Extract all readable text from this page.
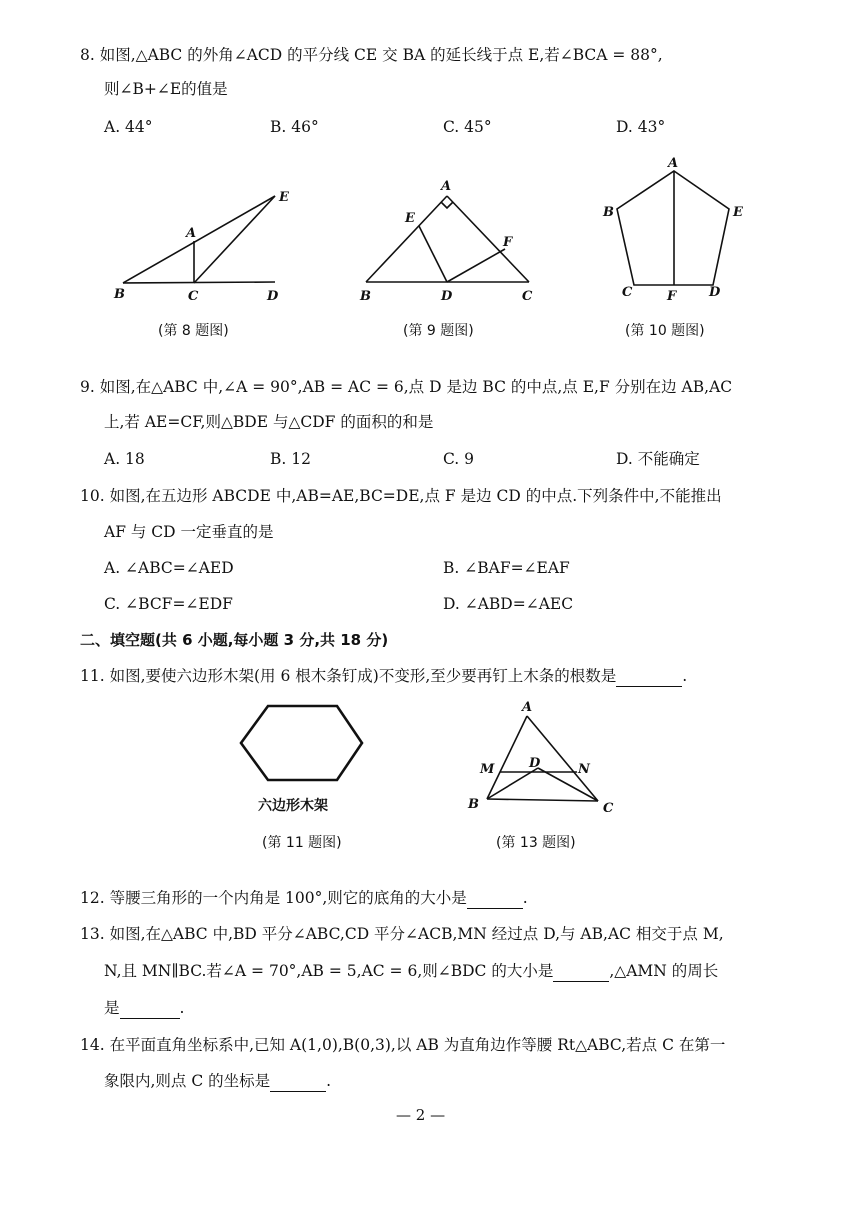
8. 如图,△ABC 的外角∠ACD 的平分线 CE 交 BA 的延长线于点 E,若∠BCA = 88°,
则∠B+∠E的值是
A. 44°	B. 46°	C. 45°	D. 43°
E
A
B	C	D
A
E
F
B	D	C
A
B	E
C	F	D
(第 8 题图)	(第 9 题图)	(第 10 题图)
9. 如图,在△ABC 中,∠A = 90°,AB = AC = 6,点 D 是边 BC 的中点,点 E,F 分别在边 AB,AC
上,若 AE=CF,则△BDE 与△CDF 的面积的和是
A. 18	B. 12	C. 9	D. 不能确定
10. 如图,在五边形 ABCDE 中,AB=AE,BC=DE,点 F 是边 CD 的中点.下列条件中,不能推出
AF 与 CD 一定垂直的是
A. ∠ABC=∠AED	B. ∠BAF=∠EAF
C. ∠BCF=∠EDF	D. ∠ABD=∠AEC
二、填空题(共 6 小题,每小题 3 分,共 18 分)
11. 如图,要使六边形木架(用 6 根木条钉成)不变形,至少要再钉上木条的根数是	.
六边形木架
A
M	D	N
B	C
(第 11 题图)	(第 13 题图)
12. 等腰三角形的一个内角是 100°,则它的底角的大小是	.
13. 如图,在△ABC 中,BD 平分∠ABC,CD 平分∠ACB,MN 经过点 D,与 AB,AC 相交于点 M,
N,且 MN∥BC.若∠A = 70°,AB = 5,AC = 6,则∠BDC 的大小是	,△AMN 的周长
是	.
14. 在平面直角坐标系中,已知 A(1,0),B(0,3),以 AB 为直角边作等腰 Rt△ABC,若点 C 在第一
象限内,则点 C 的坐标是	.
— 2 —
